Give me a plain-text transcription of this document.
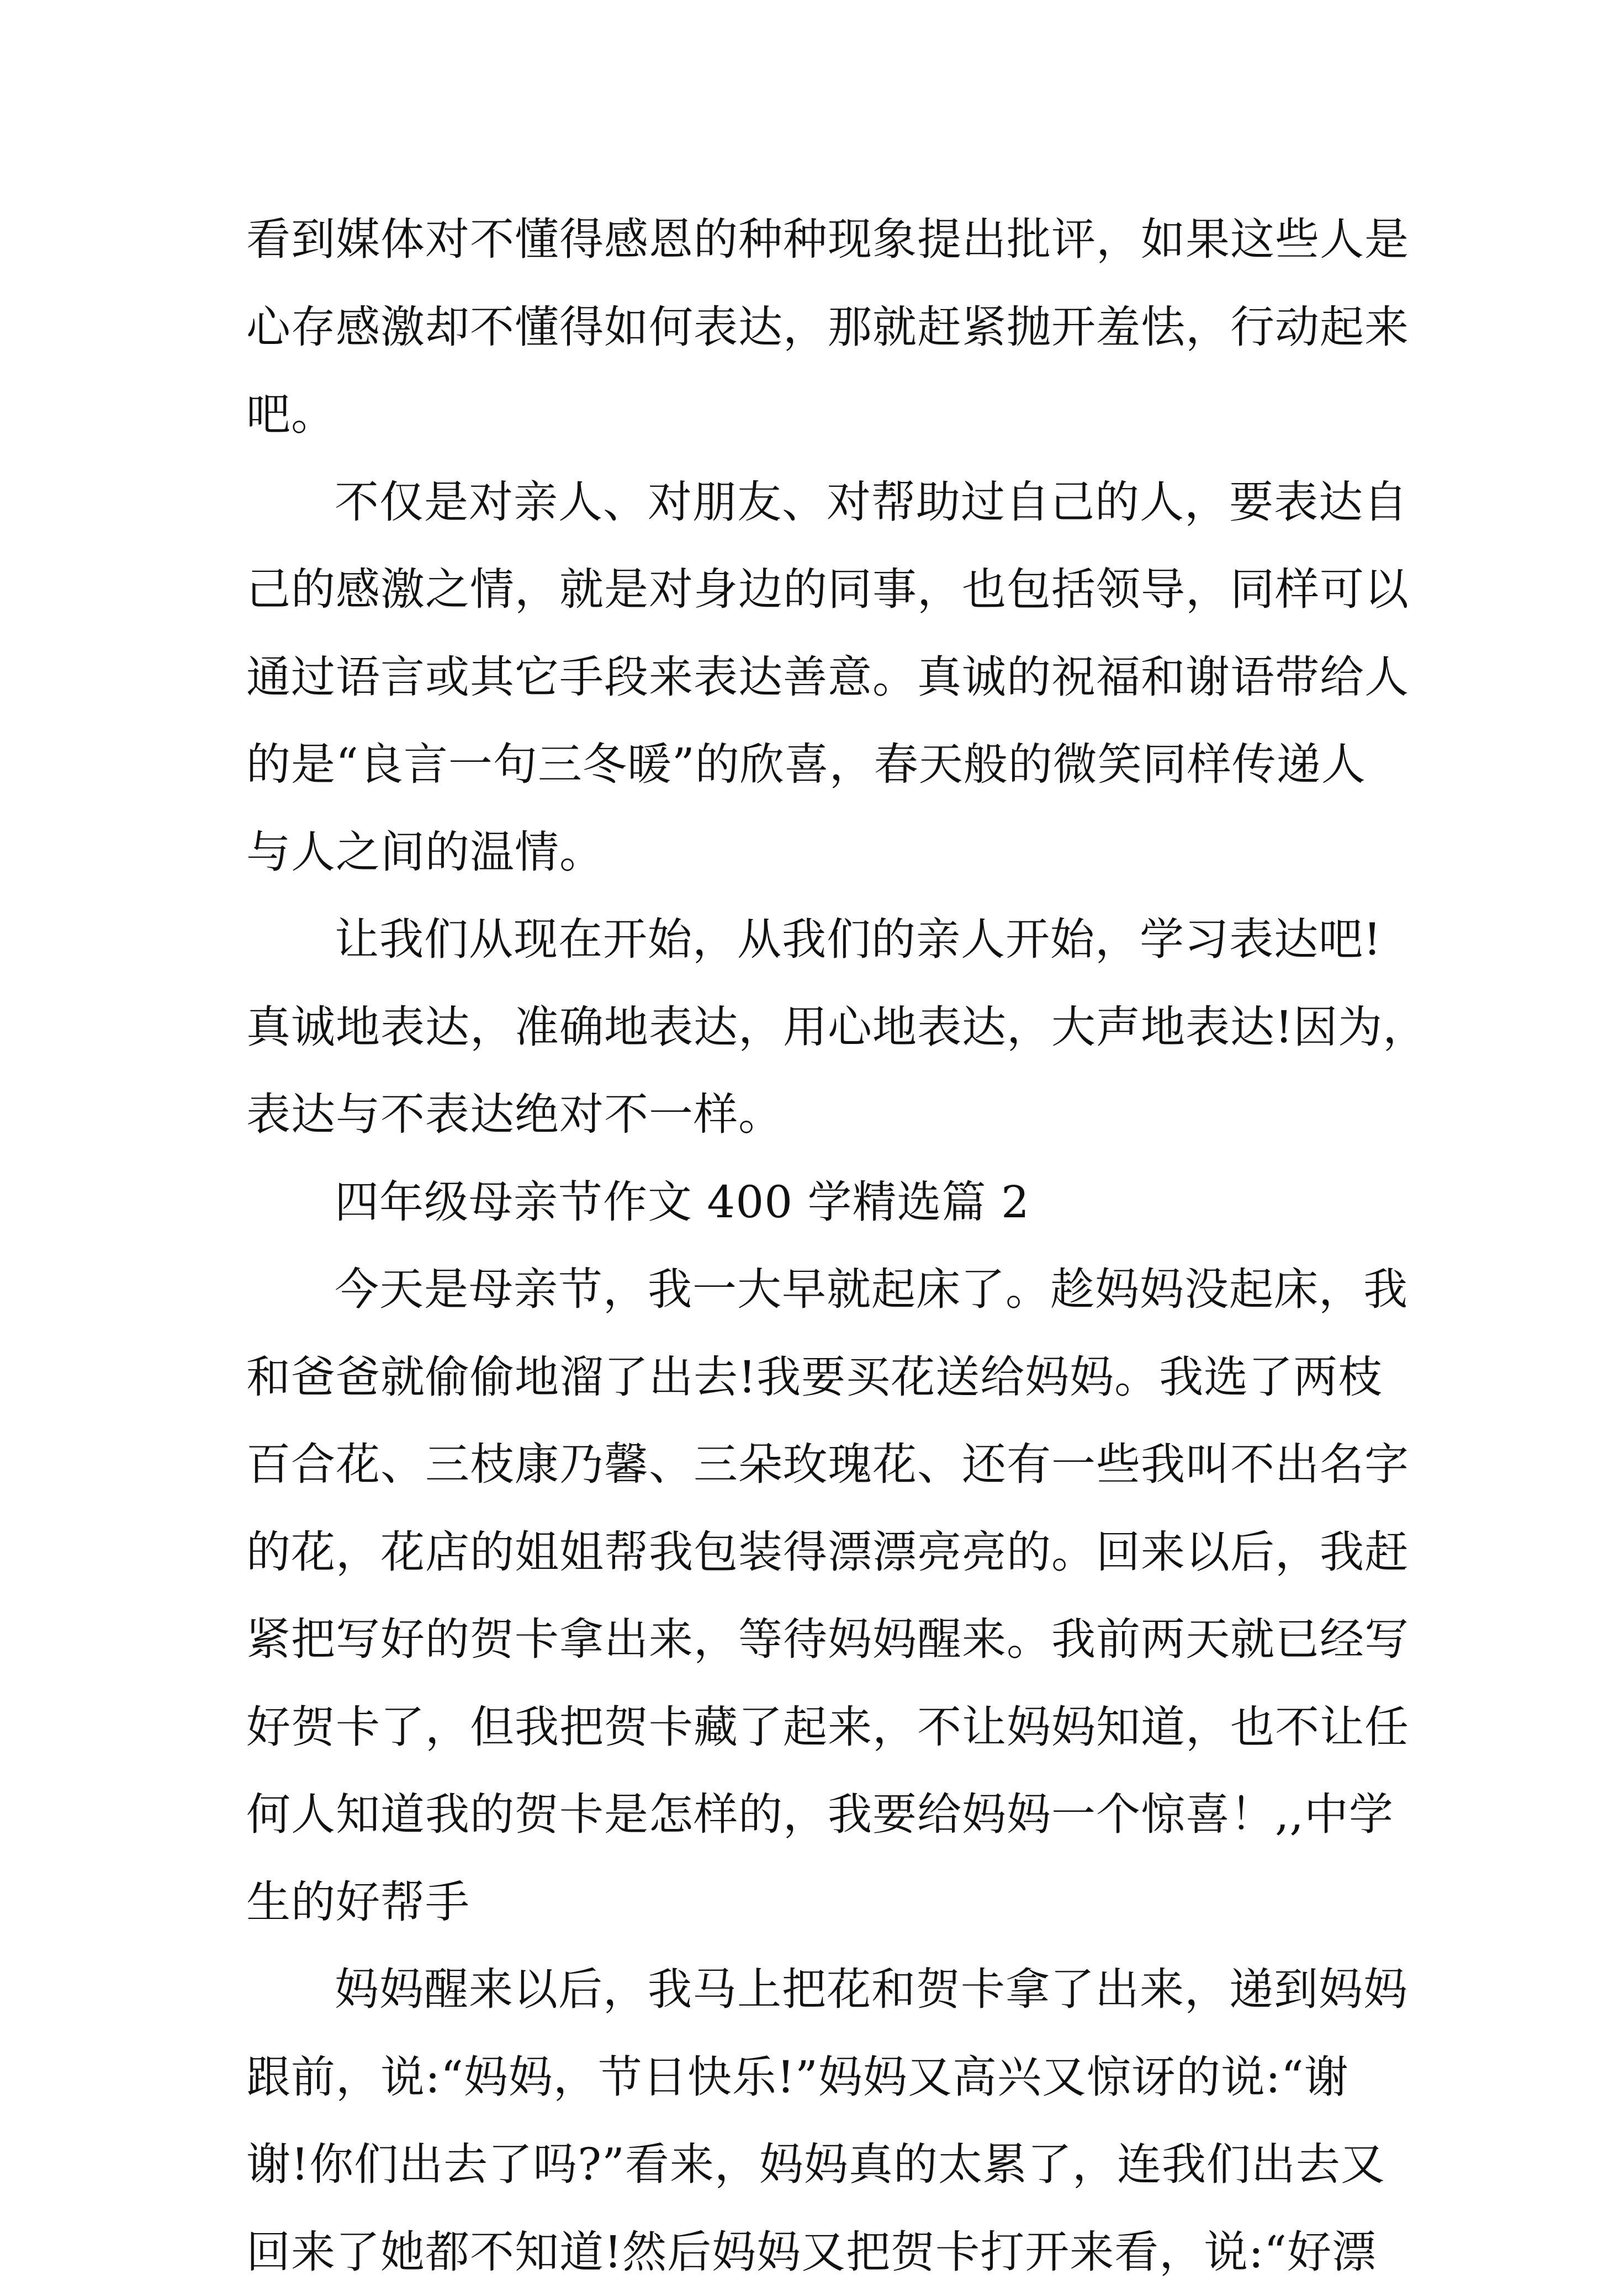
看到媒体对不懂得感恩的种种现象提出批评，如果这些人是
心存感激却不懂得如何表达，那就赶紧抛开羞怯，行动起来
吧。
不仅是对亲人、对朋友、对帮助过自己的人，要表达自
己的感激之情，就是对身边的同事，也包括领导，同样可以
通过语言或其它手段来表达善意。真诚的祝福和谢语带给人
的是“良言一句三冬暖”的欣喜，春天般的微笑同样传递人
与人之间的温情。
让我们从现在开始，从我们的亲人开始，学习表达吧!
真诚地表达，准确地表达，用心地表达，大声地表达!因为，
表达与不表达绝对不一样。
四年级母亲节作文 400 学精选篇 2
今天是母亲节，我一大早就起床了。趁妈妈没起床，我
和爸爸就偷偷地溜了出去!我要买花送给妈妈。我选了两枝
百合花、三枝康乃馨、三朵玫瑰花、还有一些我叫不出名字
的花，花店的姐姐帮我包装得漂漂亮亮的。回来以后，我赶
紧把写好的贺卡拿出来，等待妈妈醒来。我前两天就已经写
好贺卡了，但我把贺卡藏了起来，不让妈妈知道，也不让任
何人知道我的贺卡是怎样的，我要给妈妈一个惊喜！,,中学
生的好帮手
妈妈醒来以后，我马上把花和贺卡拿了出来，递到妈妈
跟前，说:“妈妈，节日快乐!”妈妈又高兴又惊讶的说:“谢
谢!你们出去了吗?”看来，妈妈真的太累了，连我们出去又
回来了她都不知道!然后妈妈又把贺卡打开来看，说:“好漂
